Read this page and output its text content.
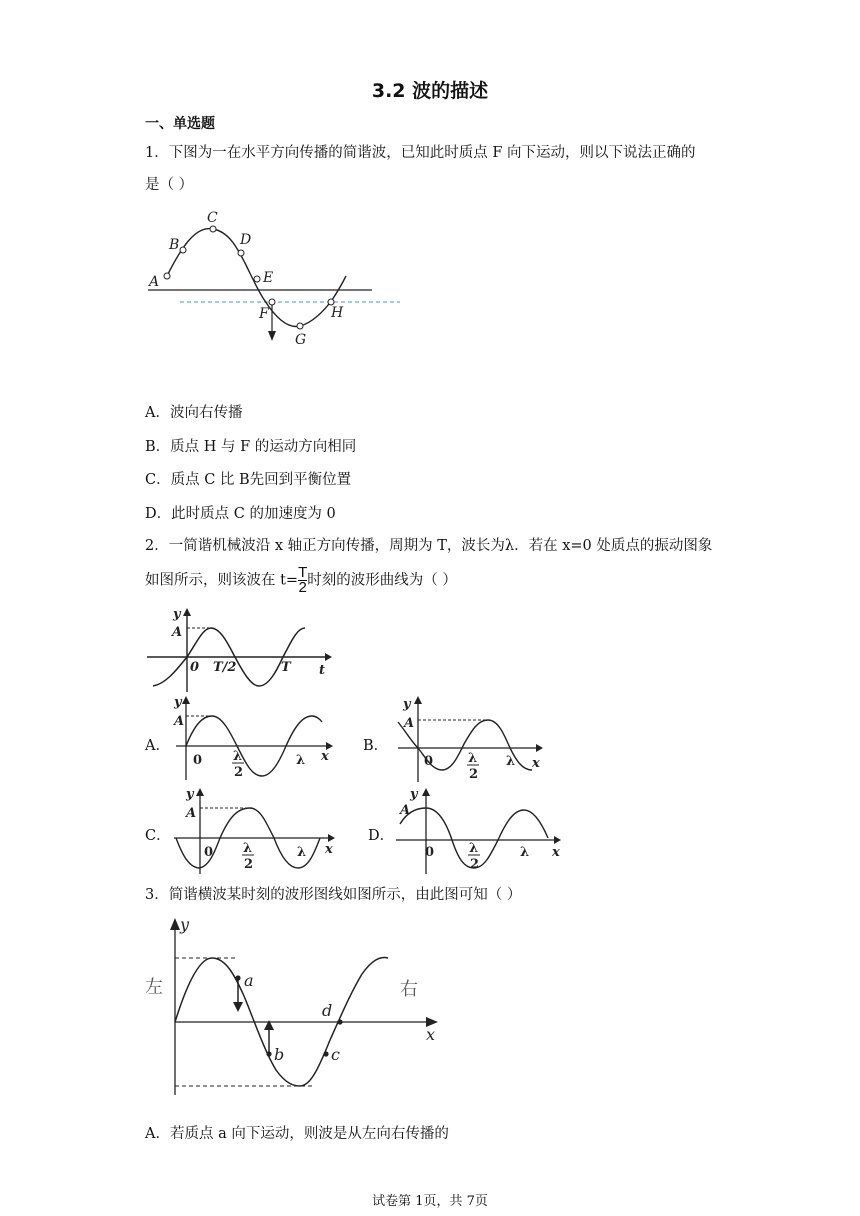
3.2 波的描述
一、单选题
1．下图为一在水平方向传播的简谐波，已知此时质点 F 向下运动，则以下说法正确的
是（ ）
A
B
C
D
E
F
G
H
A．波向右传播
B．质点 H 与 F 的运动方向相同
C．质点 C 比 B先回到平衡位置
D．此时质点 C 的加速度为 0
2．一简谐机械波沿 x 轴正方向传播，周期为 T，波长为λ．若在 x=0 处质点的振动图象
如图所示，则该波在 $t= \frac{T}{2}$ 时刻的波形曲线为（ ）
y
A
0 T/2	T t
A．
y
A
0 λ
2
λ x
B．
y
A
0	λ
2
λ x
C．
y
A
0 λ
2
λ x
D．
y
A
0	λ
2
λ x
3．简谐横波某时刻的波形图线如图所示，由此图可知（ ）
左	右
y
x
a
b	c
d
A．若质点 a 向下运动，则波是从左向右传播的
试卷第 1页，共 7页
